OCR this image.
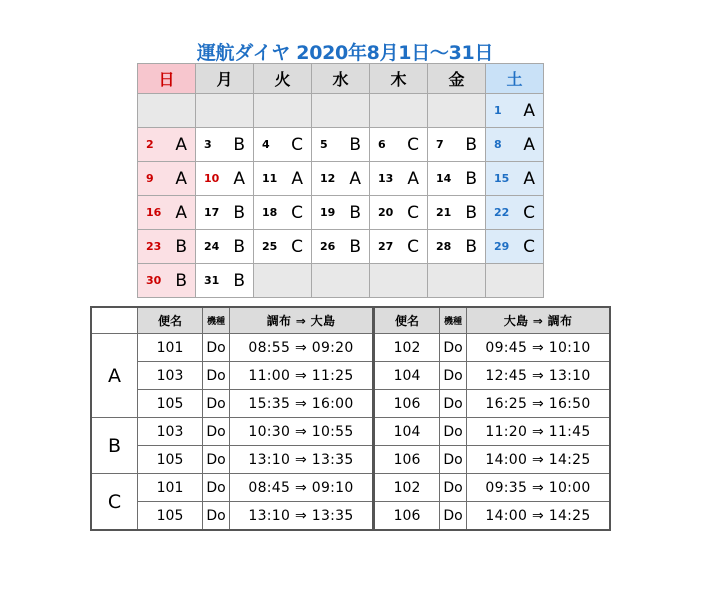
運航ダイヤ 2020年8月1日～31日
日	月	火	水	木	金	土

						1 A

2 A	3 B	4 C	5 B	6 C	7 B	8 A

9 A	10 A	11 A	12 A	13 A	14 B	15 A

16 A	17 B	18 C	19 B	20 C	21 B	22 C

23 B	24 B	25 C	26 B	27 C	28 B	29 C

30 B	31 B					

	便名	機種	調布 ⇒ 大島	便名	機種	大島 ⇒ 調布
A	101	Do	08:55 ⇒ 09:20	102	Do	09:45 ⇒ 10:10
	103	Do	11:00 ⇒ 11:25	104	Do	12:45 ⇒ 13:10
	105	Do	15:35 ⇒ 16:00	106	Do	16:25 ⇒ 16:50
B	103	Do	10:30 ⇒ 10:55	104	Do	11:20 ⇒ 11:45
	105	Do	13:10 ⇒ 13:35	106	Do	14:00 ⇒ 14:25
C	101	Do	08:45 ⇒ 09:10	102	Do	09:35 ⇒ 10:00
	105	Do	13:10 ⇒ 13:35	106	Do	14:00 ⇒ 14:25
